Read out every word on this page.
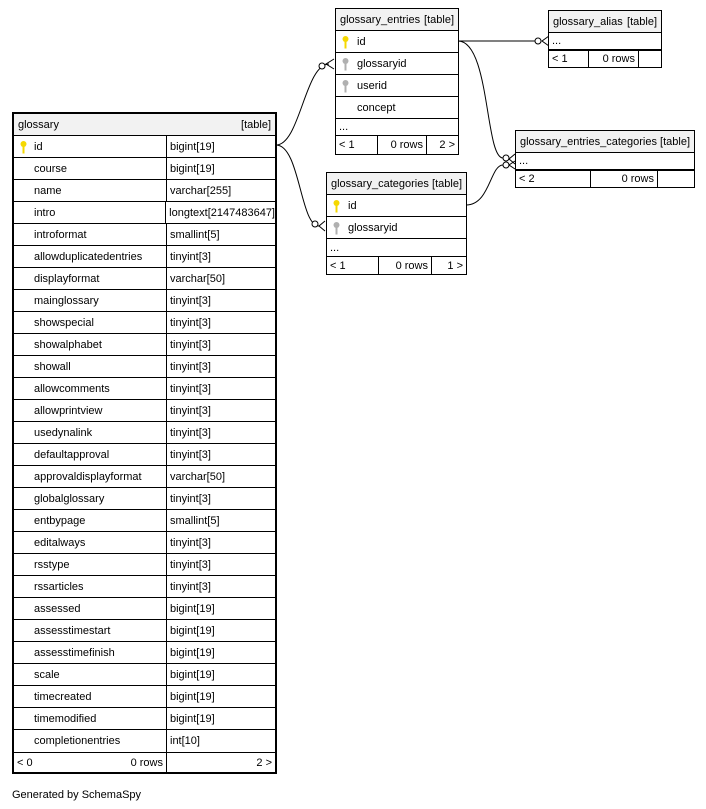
glossary	[table]
id	bigint[19]
course	bigint[19]
name	varchar[255]
intro	longtext[2147483647]
introformat	smallint[5]
allowduplicatedentries	tinyint[3]
displayformat	varchar[50]
mainglossary	tinyint[3]
showspecial	tinyint[3]
showalphabet	tinyint[3]
showall	tinyint[3]
allowcomments	tinyint[3]
allowprintview	tinyint[3]
usedynalink	tinyint[3]
defaultapproval	tinyint[3]
approvaldisplayformat	varchar[50]
globalglossary	tinyint[3]
entbypage	smallint[5]
editalways	tinyint[3]
rsstype	tinyint[3]
rssarticles	tinyint[3]
assessed	bigint[19]
assesstimestart	bigint[19]
assesstimefinish	bigint[19]
scale	bigint[19]
timecreated	bigint[19]
timemodified	bigint[19]
completionentries	int[10]
< 0	0 rows	2 >
glossary_entries [table]
id
glossaryid
userid
concept
...
< 1	0 rows	2 >
glossary_alias [table]
...
< 1	0 rows
glossary_entries_categories [table]
...
< 2	0 rows
glossary_categories [table]
id
glossaryid
...
< 1	0 rows	1 >
Generated by SchemaSpy
